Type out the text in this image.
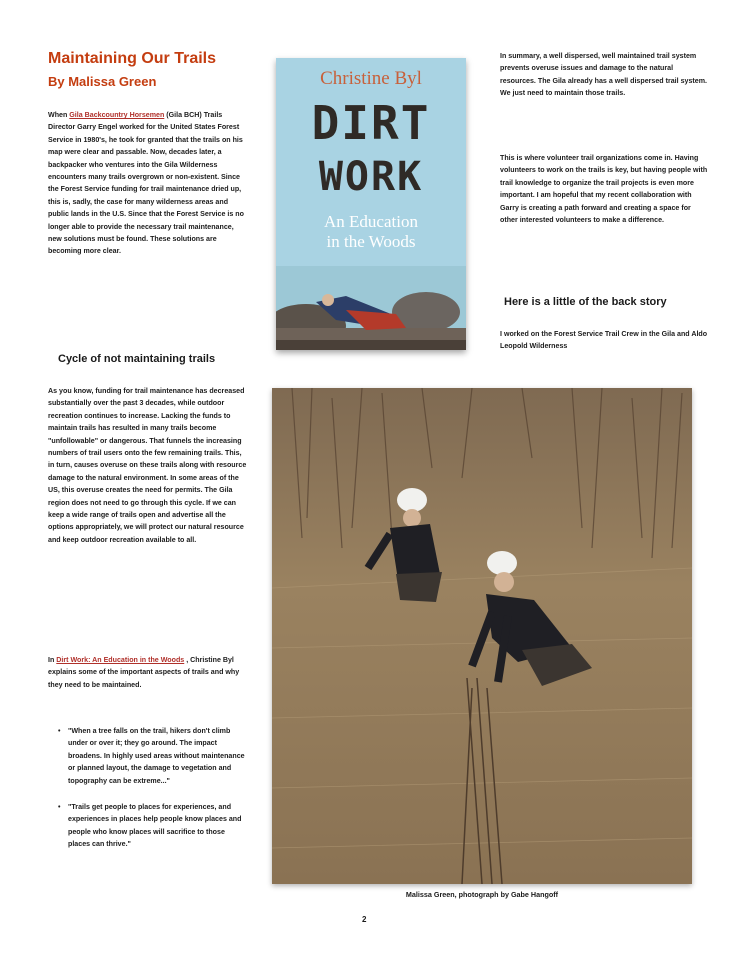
Maintaining Our Trails
By Malissa Green
When Gila Backcountry Horsemen (Gila BCH) Trails Director Garry Engel worked for the United States Forest Service in 1980's, he took for granted that the trails on his map were clear and passable. Now, decades later, a backpacker who ventures into the Gila Wilderness encounters many trails overgrown or non-existent. Since the Forest Service funding for trail maintenance dried up, this is, sadly, the case for many wilderness areas and public lands in the U.S. Since that the Forest Service is no longer able to provide the necessary trail maintenance, new solutions must be found. These solutions are becoming more clear.
Cycle of not maintaining trails
As you know, funding for trail maintenance has decreased substantially over the past 3 decades, while outdoor recreation continues to increase. Lacking the funds to maintain trails has resulted in many trails become "unfollowable" or dangerous. That funnels the increasing numbers of trail users onto the few remaining trails. This, in turn, causes overuse on these trails along with resource damage to the natural environment. In some areas of the US, this overuse creates the need for permits. The Gila region does not need to go through this cycle. If we can keep a wide range of trails open and advertise all the options appropriately, we will protect our natural resource and keep outdoor recreation available to all.
In Dirt Work: An Education in the Woods , Christine Byl explains some of the important aspects of trails and why they need to be maintained.
• "When a tree falls on the trail, hikers don't climb under or over it; they go around. The impact broadens. In highly used areas without maintenance or planned layout, the damage to vegetation and topography can be extreme..."
• "Trails get people to places for experiences, and experiences in places help people know places and people who know places will sacrifice to those places can thrive."
In summary, a well dispersed, well maintained trail system prevents overuse issues and damage to the natural resources. The Gila already has a well dispersed trail system. We just need to maintain those trails.
This is where volunteer trail organizations come in. Having volunteers to work on the trails is key, but having people with trail knowledge to organize the trail projects is even more important. I am hopeful that my recent collaboration with Garry is creating a path forward and creating a space for other interested volunteers to make a difference.
Here is a little of the back story
I worked on the Forest Service Trail Crew in the Gila and Aldo Leopold Wilderness
Christine Byl
DIRT
WORK
An Education
in the Woods
Malissa Green, photograph by Gabe Hangoff
2
